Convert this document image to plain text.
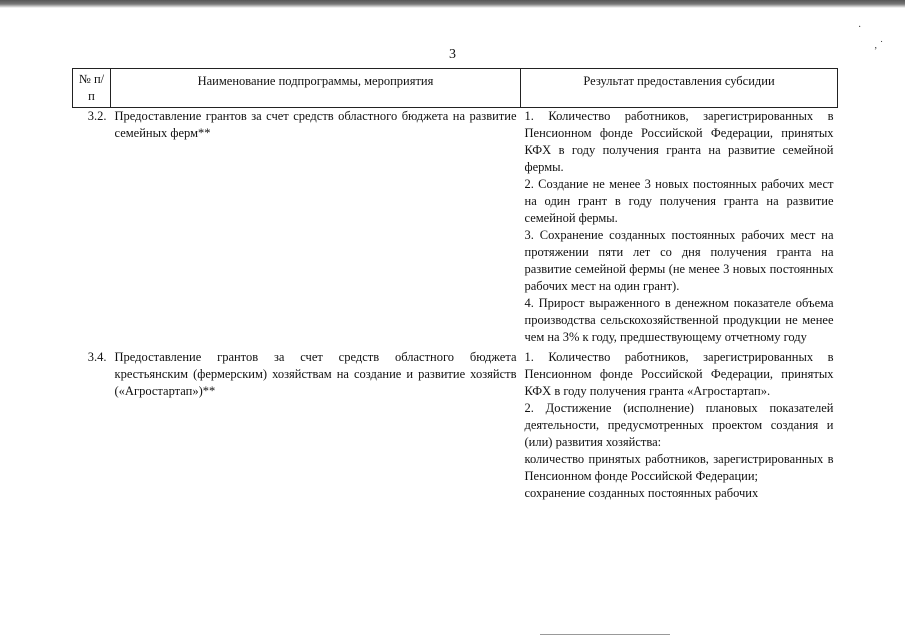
·
‚ ˙
3
№ п/п	Наименование подпрограммы, мероприятия	Результат предоставления субсидии
3.2.	Предоставление грантов за счет средств областного бюджета на развитие семейных ферм**	1. Количество работников, зарегистрированных в Пенсионном фонде Российской Федерации, принятых КФХ в году получения гранта на развитие семейной фермы.

2. Создание не менее 3 новых постоянных рабочих мест на один грант в году получения гранта на развитие семейной фермы.

3. Сохранение созданных постоянных рабочих мест на протяжении пяти лет со дня получения гранта на развитие семейной фермы (не менее 3 новых постоянных рабочих мест на один грант).

4. Прирост выраженного в денежном показателе объема производства сельскохозяйственной продукции не менее чем на 3% к году, предшествующему отчетному году

3.4.	Предоставление грантов за счет средств областного бюджета крестьянским (фермерским) хозяйствам на создание и развитие хозяйств («Агростартап»)**	1. Количество работников, зарегистрированных в Пенсионном фонде Российской Федерации, принятых КФХ в году получения гранта «Агростартап».

2. Достижение (исполнение) плановых показателей деятельности, предусмотренных проектом создания и (или) развития хозяйства:

количество принятых работников, зарегистрированных в Пенсионном фонде Российской Федерации;

сохранение созданных постоянных рабочих
